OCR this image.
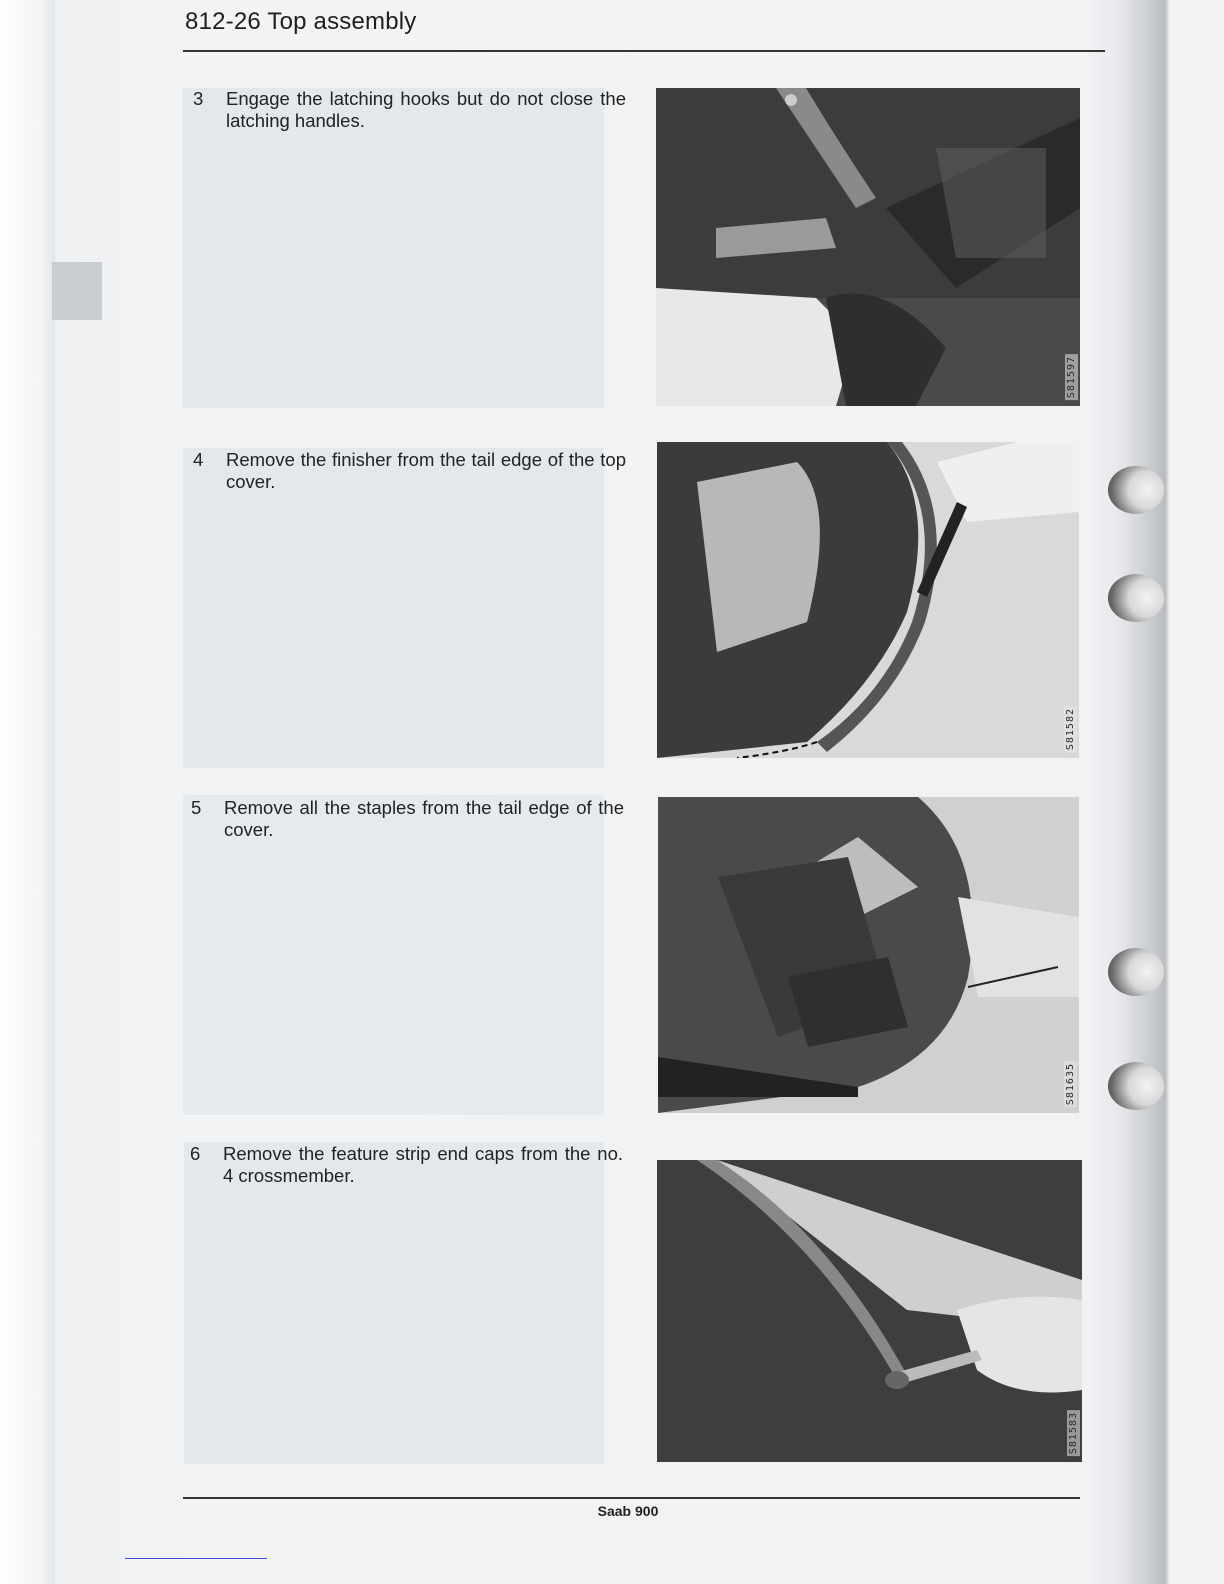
812-26 Top assembly
3	Engage the latching hooks but do not close the latching handles.
S81597
4	Remove the finisher from the tail edge of the top cover.
S81582
5	Remove all the staples from the tail edge of the cover.
S81635
6	Remove the feature strip end caps from the no. 4 crossmember.
S81583
Saab 900
